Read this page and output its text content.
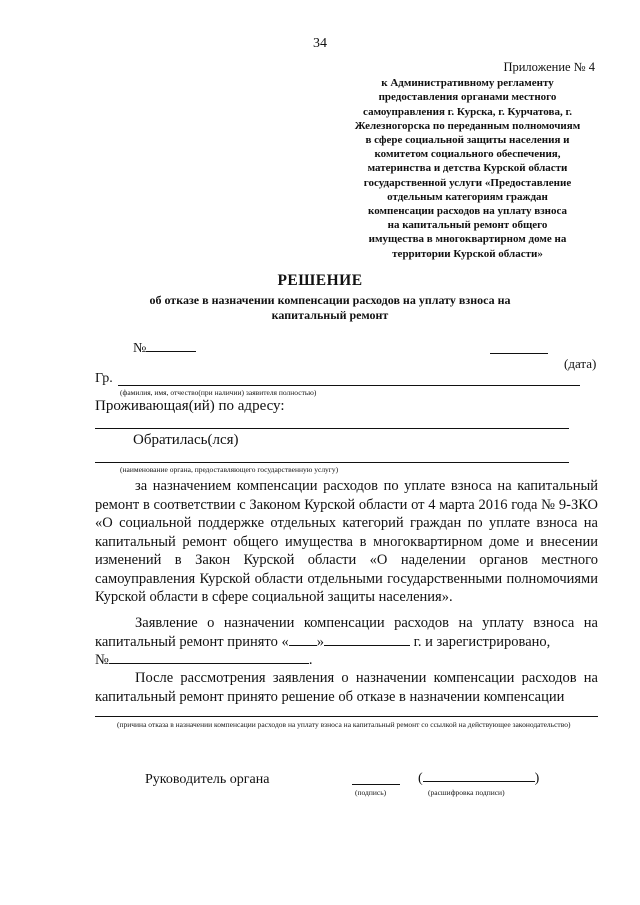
34
Приложение № 4
к Административному регламенту
предоставления органами местного
самоуправления г. Курска, г. Курчатова, г.
Железногорска по переданным полномочиям
в сфере социальной защиты населения и
комитетом социального обеспечения,
материнства и детства Курской области
государственной услуги «Предоставление
отдельным категориям граждан
компенсации расходов на уплату взноса
на капитальный ремонт общего
имущества в многоквартирном доме на
территории Курской области»
РЕШЕНИЕ
об отказе в назначении компенсации расходов на уплату взноса на капитальный ремонт
№
(дата)
Гр.
(фамилия, имя, отчество(при наличии) заявителя полностью)
Проживающая(ий) по адресу:
Обратилась(лся)
(наименование органа, предоставляющего государственную услугу)
за назначением компенсации расходов по уплате взноса на капитальный ремонт в соответствии с Законом Курской области от 4 марта 2016 года № 9-ЗКО «О социальной поддержке отдельных категорий граждан по уплате взноса на капитальный ремонт общего имущества в многоквартирном доме и внесении изменений в Закон Курской области «О наделении органов местного самоуправления Курской области отдельными государственными полномочиями Курской области в сфере социальной защиты населения».
Заявление о назначении компенсации расходов на уплату взноса на капитальный ремонт принято « »	г. и зарегистрировано,
№	.
После рассмотрения заявления о назначении компенсации расходов на капитальный ремонт принято решение об отказе в назначении компенсации
(причина отказа в назначении компенсации расходов на уплату взноса на капитальный ремонт со ссылкой на действующее законодательство)
Руководитель органа	(	)
(подпись)	(расшифровка подписи)
